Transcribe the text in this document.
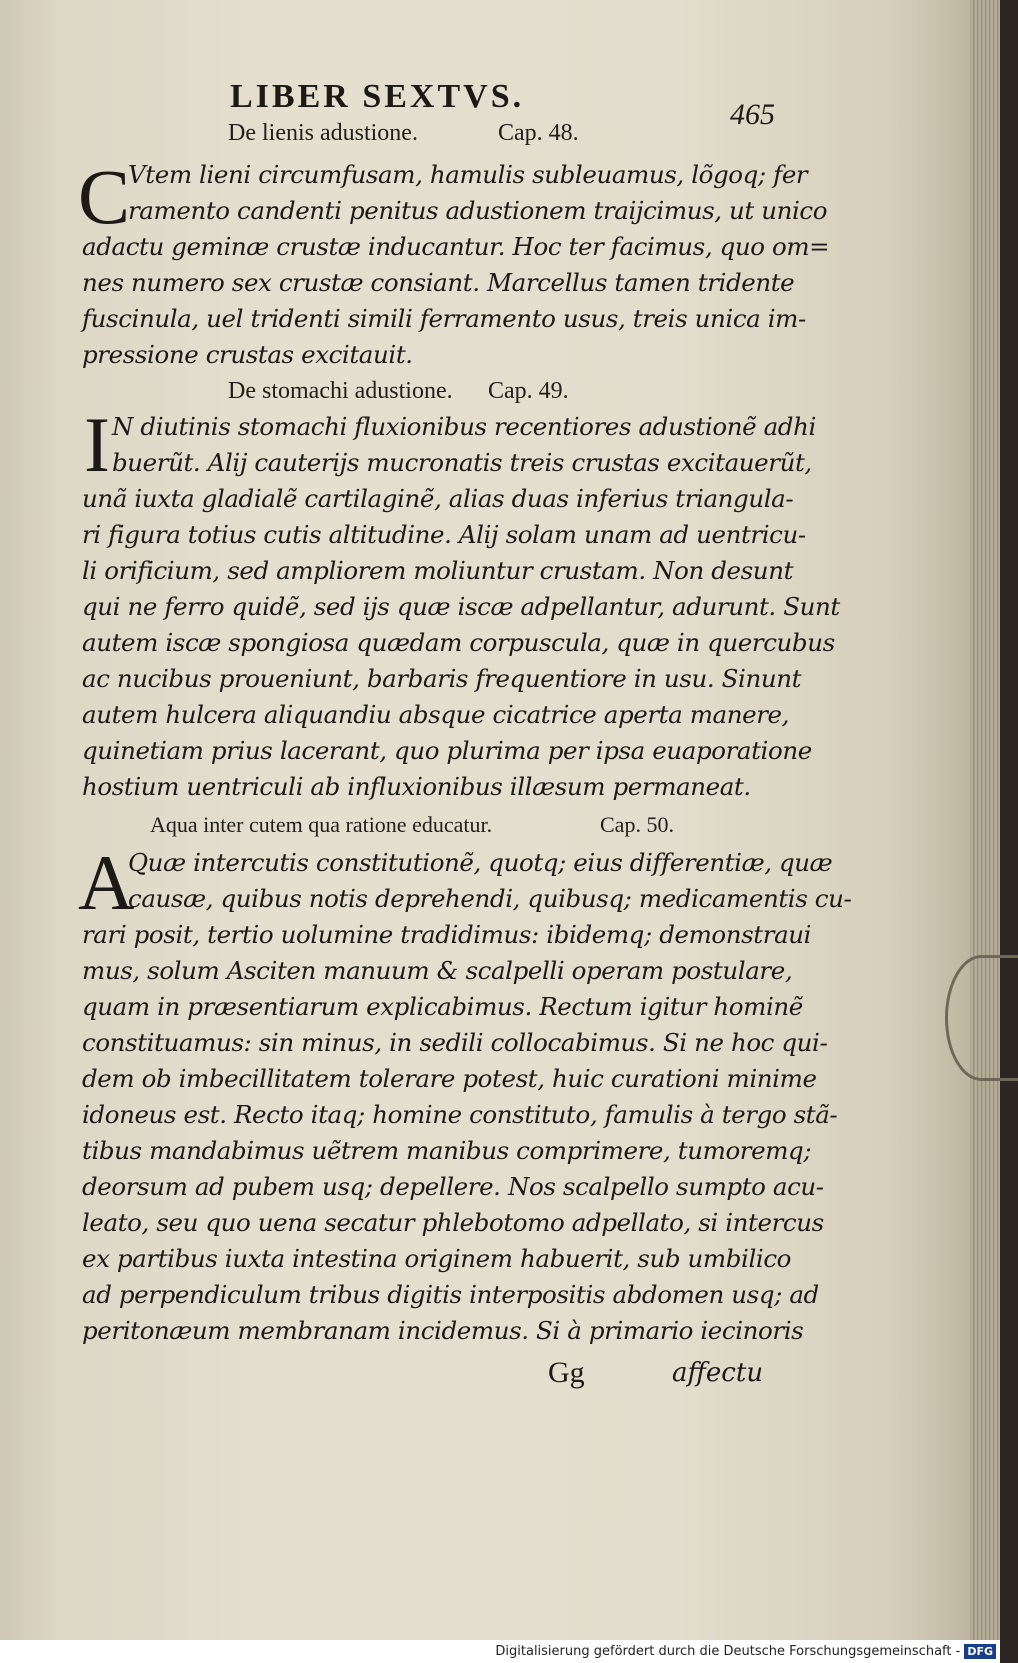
LIBER SEXTVS.	465
De lienis adustione.	Cap. 48.
C
Vtem lieni circumfusam, hamulis subleuamus, lõgoq; fer
ramento candenti penitus adustionem traijcimus, ut unico
adactu geminæ crustæ inducantur. Hoc ter facimus, quo om=
nes numero sex crustæ consiant. Marcellus tamen tridente
fuscinula, uel tridenti simili ferramento usus, treis unica im-
pressione crustas excitauit.
De stomachi adustione. Cap. 49.
I N diutinis stomachi fluxionibus recentiores adustionẽ adhi
buerũt. Alij cauterijs mucronatis treis crustas excitauerũt,
unã iuxta gladialẽ cartilaginẽ, alias duas inferius triangula-
ri figura totius cutis altitudine. Alij solam unam ad uentricu-
li orificium, sed ampliorem moliuntur crustam. Non desunt
qui ne ferro quidẽ, sed ijs quæ iscæ adpellantur, adurunt. Sunt
autem iscæ spongiosa quædam corpuscula, quæ in quercubus
ac nucibus proueniunt, barbaris frequentiore in usu. Sinunt
autem hulcera aliquandiu absque cicatrice aperta manere,
quinetiam prius lacerant, quo plurima per ipsa euaporatione
hostium uentriculi ab influxionibus illæsum permaneat.
Aqua inter cutem qua ratione educatur.	Cap. 50.
A
Quæ intercutis constitutionẽ, quotq; eius differentiæ, quæ
causæ, quibus notis deprehendi, quibusq; medicamentis cu-
rari posit, tertio uolumine tradidimus: ibidemq; demonstraui
mus, solum Asciten manuum & scalpelli operam postulare,
quam in præsentiarum explicabimus. Rectum igitur hominẽ
constituamus: sin minus, in sedili collocabimus. Si ne hoc qui-
dem ob imbecillitatem tolerare potest, huic curationi minime
idoneus est. Recto itaq; homine constituto, famulis à tergo stã-
tibus mandabimus uẽtrem manibus comprimere, tumoremq;
deorsum ad pubem usq; depellere. Nos scalpello sumpto acu-
leato, seu quo uena secatur phlebotomo adpellato, si intercus
ex partibus iuxta intestina originem habuerit, sub umbilico
ad perpendiculum tribus digitis interpositis abdomen usq; ad
peritonæum membranam incidemus. Si à primario iecinoris
Gg	affectu
Digitalisierung gefördert durch die Deutsche Forschungsgemeinschaft - DFG
